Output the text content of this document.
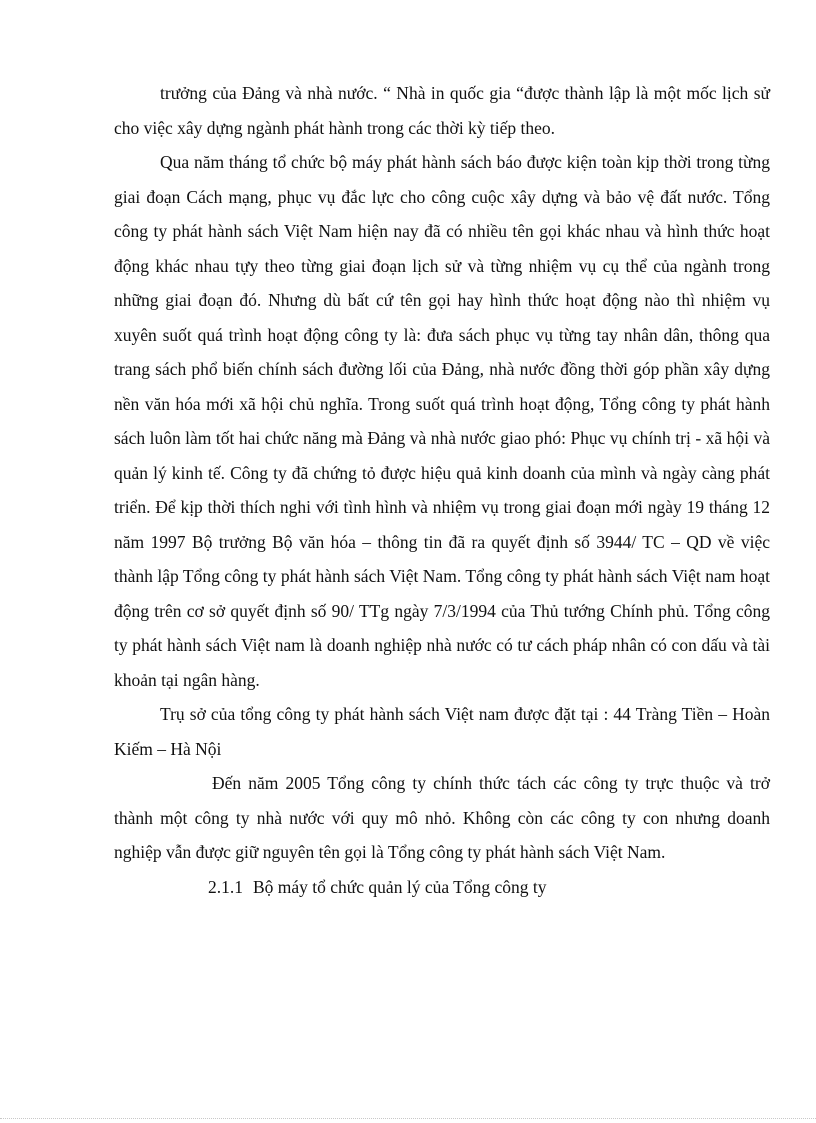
trưởng của Đảng và nhà nước. “ Nhà in quốc gia “được thành lập là một mốc lịch sử cho việc xây dựng ngành phát hành trong các thời kỳ tiếp theo.

Qua năm tháng tổ chức bộ máy phát hành sách báo được kiện toàn kịp thời trong từng giai đoạn Cách mạng, phục vụ đắc lực cho công cuộc xây dựng và bảo vệ đất nước. Tổng công ty phát hành sách Việt Nam hiện nay đã có nhiều tên gọi khác nhau và hình thức hoạt động khác nhau tựy theo từng giai đoạn lịch sử và từng nhiệm vụ cụ thể của ngành trong những giai đoạn đó. Nhưng dù bất cứ tên gọi hay hình thức hoạt động nào thì nhiệm vụ xuyên suốt quá trình hoạt động công ty là: đưa sách phục vụ từng tay nhân dân, thông qua trang sách phổ biến chính sách đường lối của Đảng, nhà nước đồng thời góp phần xây dựng nền văn hóa mới xã hội chủ nghĩa. Trong suốt quá trình hoạt động, Tổng công ty phát hành sách luôn làm tốt hai chức năng mà Đảng và nhà nước giao phó: Phục vụ chính trị - xã hội và quản lý kinh tế. Công ty đã chứng tỏ được hiệu quả kinh doanh của mình và ngày càng phát triển. Để kịp thời thích nghi với tình hình và nhiệm vụ trong giai đoạn mới ngày 19 tháng 12 năm 1997 Bộ trưởng Bộ văn hóa – thông tin đã ra quyết định số 3944/ TC – QD về việc thành lập Tổng công ty phát hành sách Việt Nam. Tổng công ty phát hành sách Việt nam hoạt động trên cơ sở quyết định số 90/ TTg ngày 7/3/1994 của Thủ tướng Chính phủ. Tổng công ty phát hành sách Việt nam là doanh nghiệp nhà nước có tư cách pháp nhân có con dấu và tài khoản tại ngân hàng.

Trụ sở của tổng công ty phát hành sách Việt nam được đặt tại : 44 Tràng Tiền – Hoàn Kiếm – Hà Nội

Đến năm 2005 Tổng công ty chính thức tách các công ty trực thuộc và trở thành một công ty nhà nước với quy mô nhỏ. Không còn các công ty con nhưng doanh nghiệp vẫn được giữ nguyên tên gọi là Tổng công ty phát hành sách Việt Nam.

2.1.1 Bộ máy tổ chức quản lý của Tổng công ty
